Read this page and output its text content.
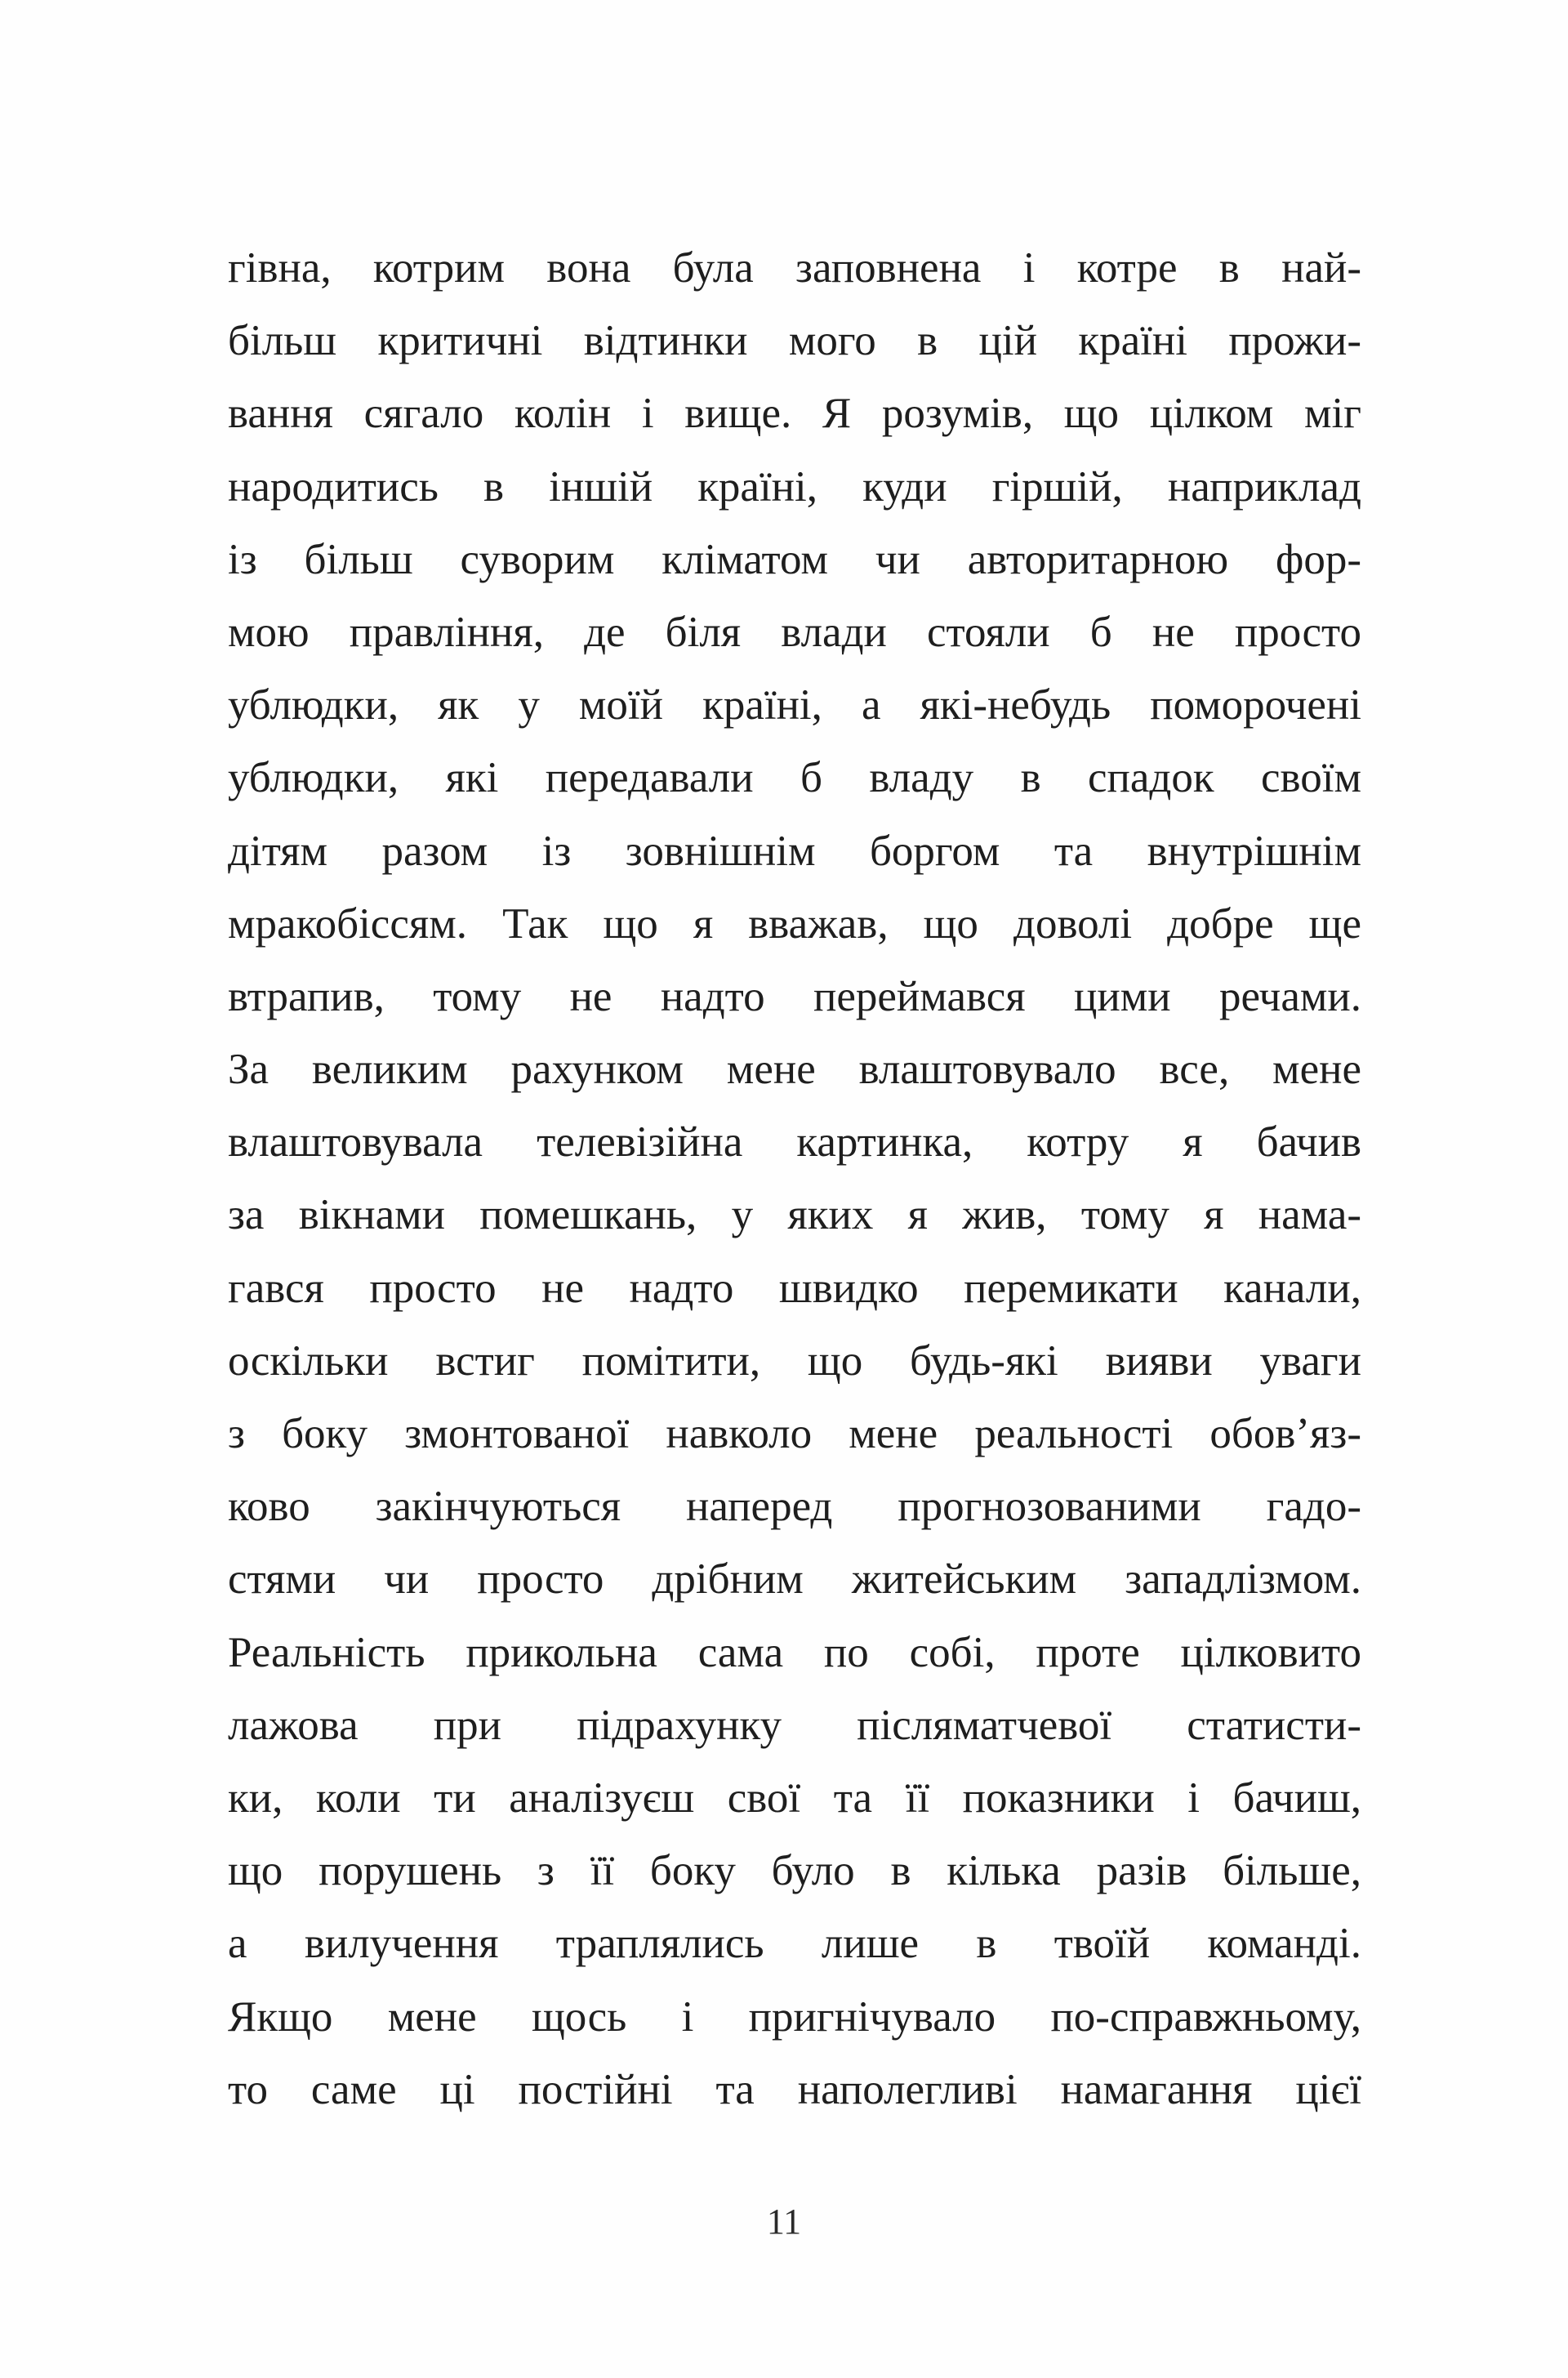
гівна, котрим вона була заповнена і котре в най-
більш критичні відтинки мого в цій країні прожи-
вання сягало колін і вище. Я розумів, що цілком міг
народитись в іншій країні, куди гіршій, наприклад
із більш суворим кліматом чи авторитарною фор-
мою правління, де біля влади стояли б не просто
ублюдки, як у моїй країні, а які-небудь поморочені
ублюдки, які передавали б владу в спадок своїм
дітям разом із зовнішнім боргом та внутрішнім
мракобіссям. Так що я вважав, що доволі добре ще
втрапив, тому не надто переймався цими речами.
За великим рахунком мене влаштовувало все, мене
влаштовувала телевізійна картинка, котру я бачив
за вікнами помешкань, у яких я жив, тому я нама-
гався просто не надто швидко перемикати канали,
оскільки встиг помітити, що будь-які вияви уваги
з боку змонтованої навколо мене реальності обов’яз-
ково закінчуються наперед прогнозованими гадо-
стями чи просто дрібним житейським западлізмом.
Реальність прикольна сама по собі, проте цілковито
лажова при підрахунку післяматчевої статисти-
ки, коли ти аналізуєш свої та її показники і бачиш,
що порушень з її боку було в кілька разів більше,
а вилучення траплялись лише в твоїй команді.
Якщо мене щось і пригнічувало по-справжньому,
то саме ці постійні та наполегливі намагання цієї
11
